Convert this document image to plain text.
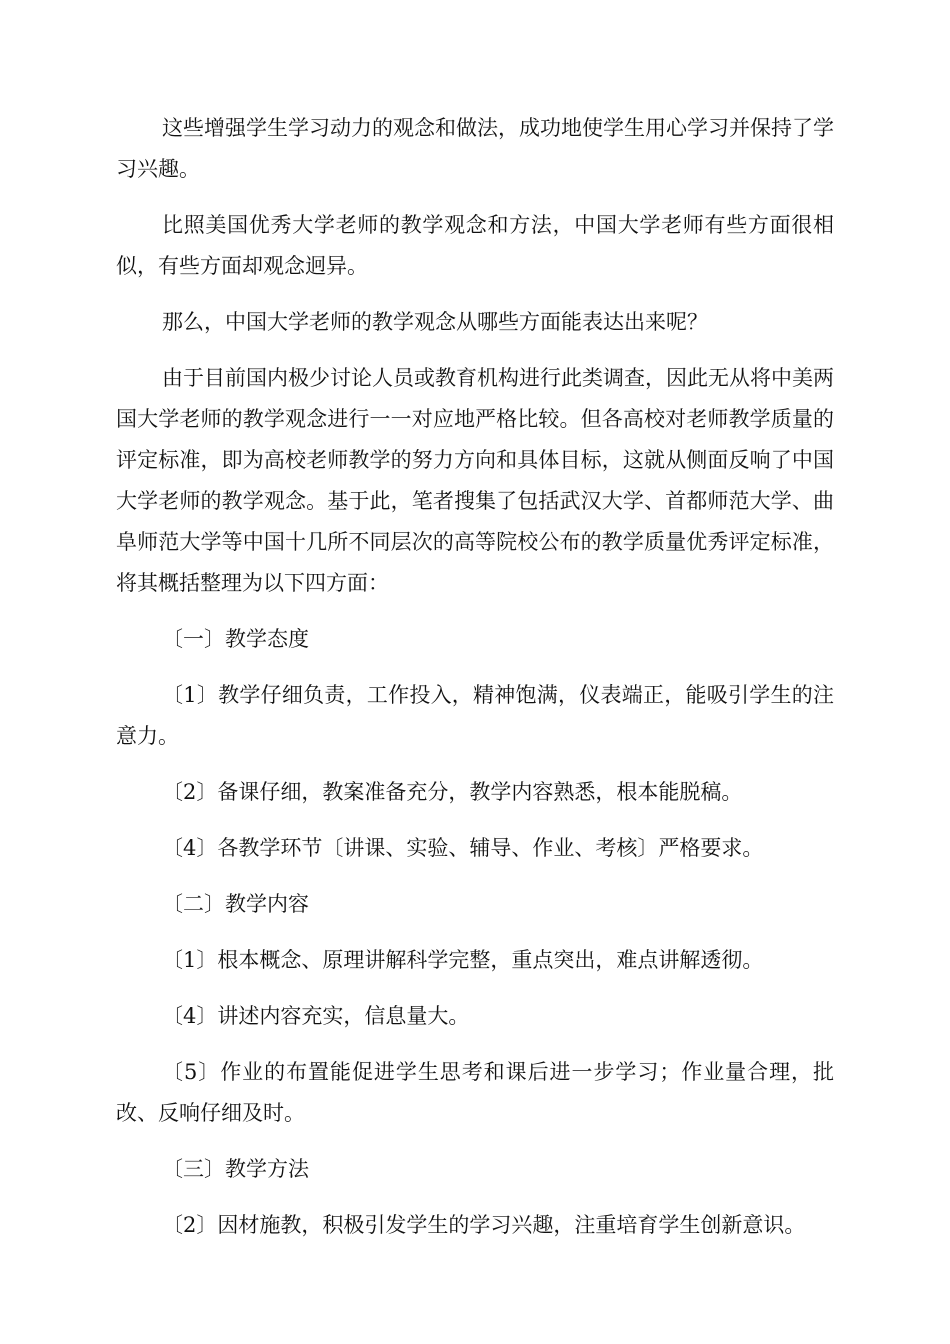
这些增强学生学习动力的观念和做法，成功地使学生用心学习并保持了学习兴趣。

比照美国优秀大学老师的教学观念和方法，中国大学老师有些方面很相似，有些方面却观念迥异。

那么，中国大学老师的教学观念从哪些方面能表达出来呢？

由于目前国内极少讨论人员或教育机构进行此类调查，因此无从将中美两国大学老师的教学观念进行一一对应地严格比较。但各高校对老师教学质量的评定标准，即为高校老师教学的努力方向和具体目标，这就从侧面反响了中国大学老师的教学观念。基于此，笔者搜集了包括武汉大学、首都师范大学、曲阜师范大学等中国十几所不同层次的高等院校公布的教学质量优秀评定标准，将其概括整理为以下四方面：

〔一〕教学态度

〔1〕教学仔细负责，工作投入，精神饱满，仪表端正，能吸引学生的注意力。

〔2〕备课仔细，教案准备充分，教学内容熟悉，根本能脱稿。

〔4〕各教学环节〔讲课、实验、辅导、作业、考核〕严格要求。

〔二〕教学内容

〔1〕根本概念、原理讲解科学完整，重点突出，难点讲解透彻。

〔4〕讲述内容充实，信息量大。

〔5〕作业的布置能促进学生思考和课后进一步学习；作业量合理，批改、反响仔细及时。

〔三〕教学方法

〔2〕因材施教，积极引发学生的学习兴趣，注重培育学生创新意识。
